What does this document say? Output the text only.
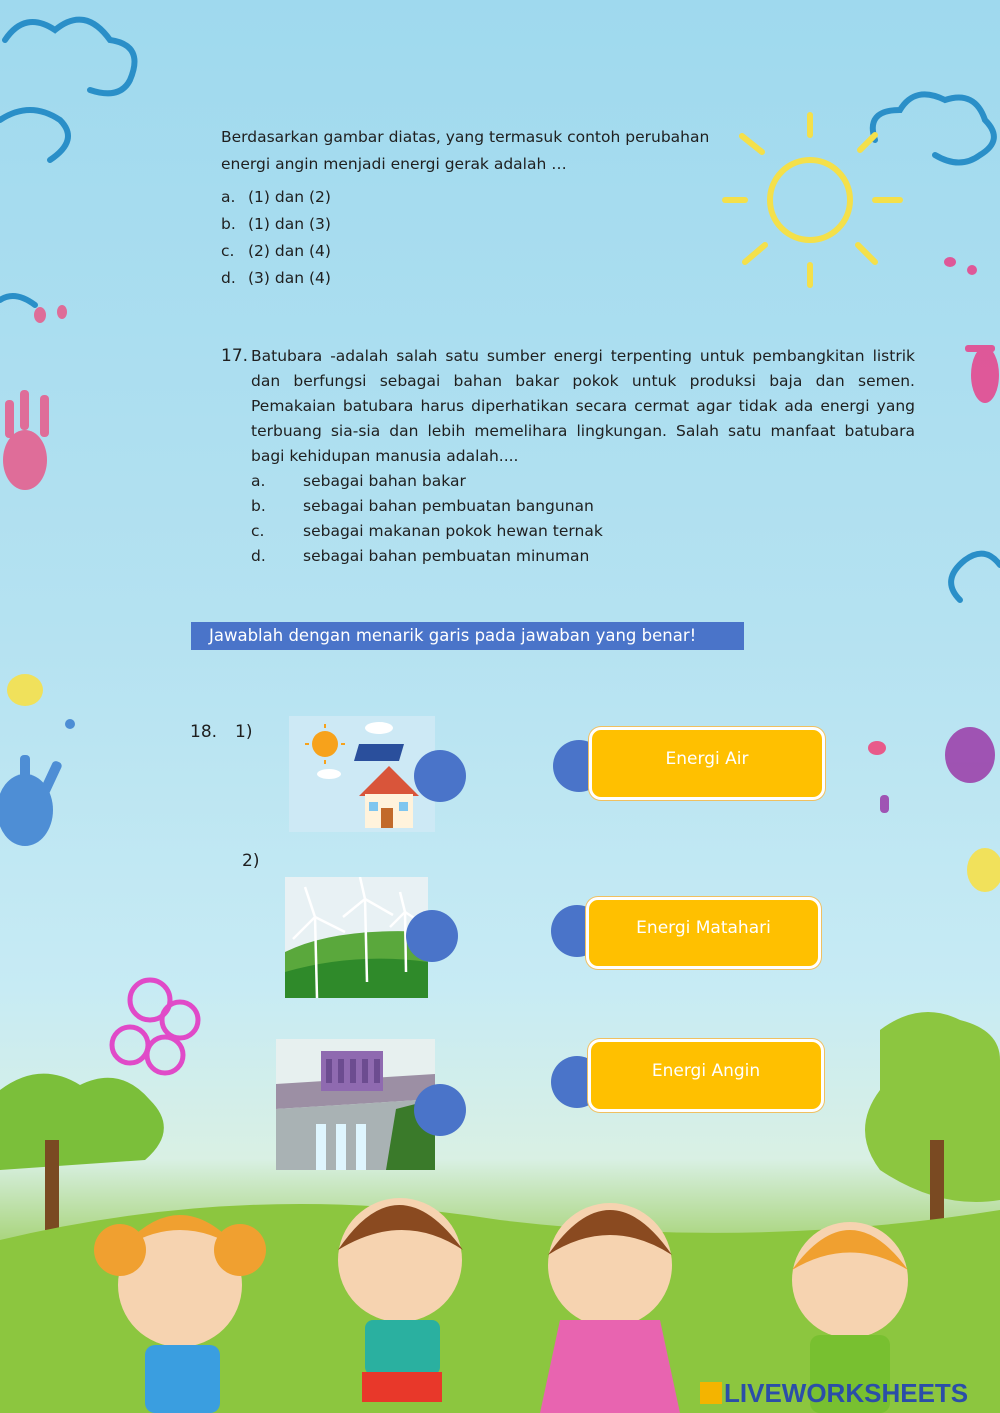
Berdasarkan gambar diatas, yang termasuk contoh perubahan
energi angin menjadi energi gerak adalah …
a. (1) dan (2)
b. (1) dan (3)
c. (2) dan (4)
d. (3) dan (4)
17. Batubara -adalah salah satu sumber energi terpenting untuk pembangkitan listrik dan berfungsi sebagai bahan bakar pokok untuk produksi baja dan semen. Pemakaian batubara harus diperhatikan secara cermat agar tidak ada energi yang terbuang sia-sia dan lebih memelihara lingkungan. Salah satu manfaat batubara bagi kehidupan manusia adalah....
a. sebagai bahan bakar
b. sebagai bahan pembuatan bangunan
c. sebagai makanan pokok hewan ternak
d. sebagai bahan pembuatan minuman
Jawablah dengan menarik garis pada jawaban yang benar!
18. 1)
2)
Energi Air
Energi Matahari
Energi Angin
LIVEWORKSHEETS
